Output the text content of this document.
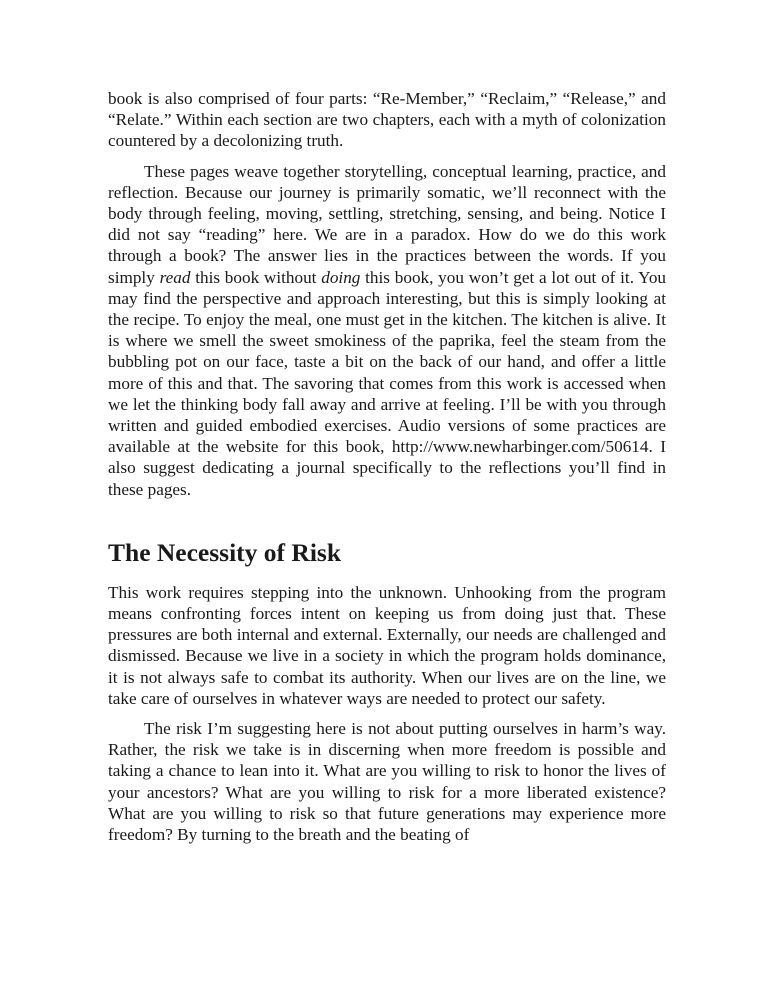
book is also comprised of four parts: “Re-Member,” “Reclaim,” “Release,” and “Relate.” Within each section are two chapters, each with a myth of colonization countered by a decolonizing truth.

These pages weave together storytelling, conceptual learning, practice, and reflection. Because our journey is primarily somatic, we’ll reconnect with the body through feeling, moving, settling, stretching, sensing, and being. Notice I did not say “reading” here. We are in a paradox. How do we do this work through a book? The answer lies in the practices between the words. If you simply read this book without doing this book, you won’t get a lot out of it. You may find the perspective and approach interesting, but this is simply looking at the recipe. To enjoy the meal, one must get in the kitchen. The kitchen is alive. It is where we smell the sweet smokiness of the paprika, feel the steam from the bubbling pot on our face, taste a bit on the back of our hand, and offer a little more of this and that. The savoring that comes from this work is accessed when we let the thinking body fall away and arrive at feeling. I’ll be with you through written and guided embodied exercises. Audio versions of some practices are available at the website for this book, http://www.newharbinger.com/50614. I also suggest dedicating a journal specifically to the reflections you’ll find in these pages.

The Necessity of Risk

This work requires stepping into the unknown. Unhooking from the program means confronting forces intent on keeping us from doing just that. These pressures are both internal and external. Externally, our needs are challenged and dismissed. Because we live in a society in which the program holds dominance, it is not always safe to combat its authority. When our lives are on the line, we take care of ourselves in whatever ways are needed to protect our safety.

The risk I’m suggesting here is not about putting ourselves in harm’s way. Rather, the risk we take is in discerning when more freedom is possible and taking a chance to lean into it. What are you willing to risk to honor the lives of your ancestors? What are you willing to risk for a more liberated existence? What are you willing to risk so that future generations may experience more freedom? By turning to the breath and the beating of
